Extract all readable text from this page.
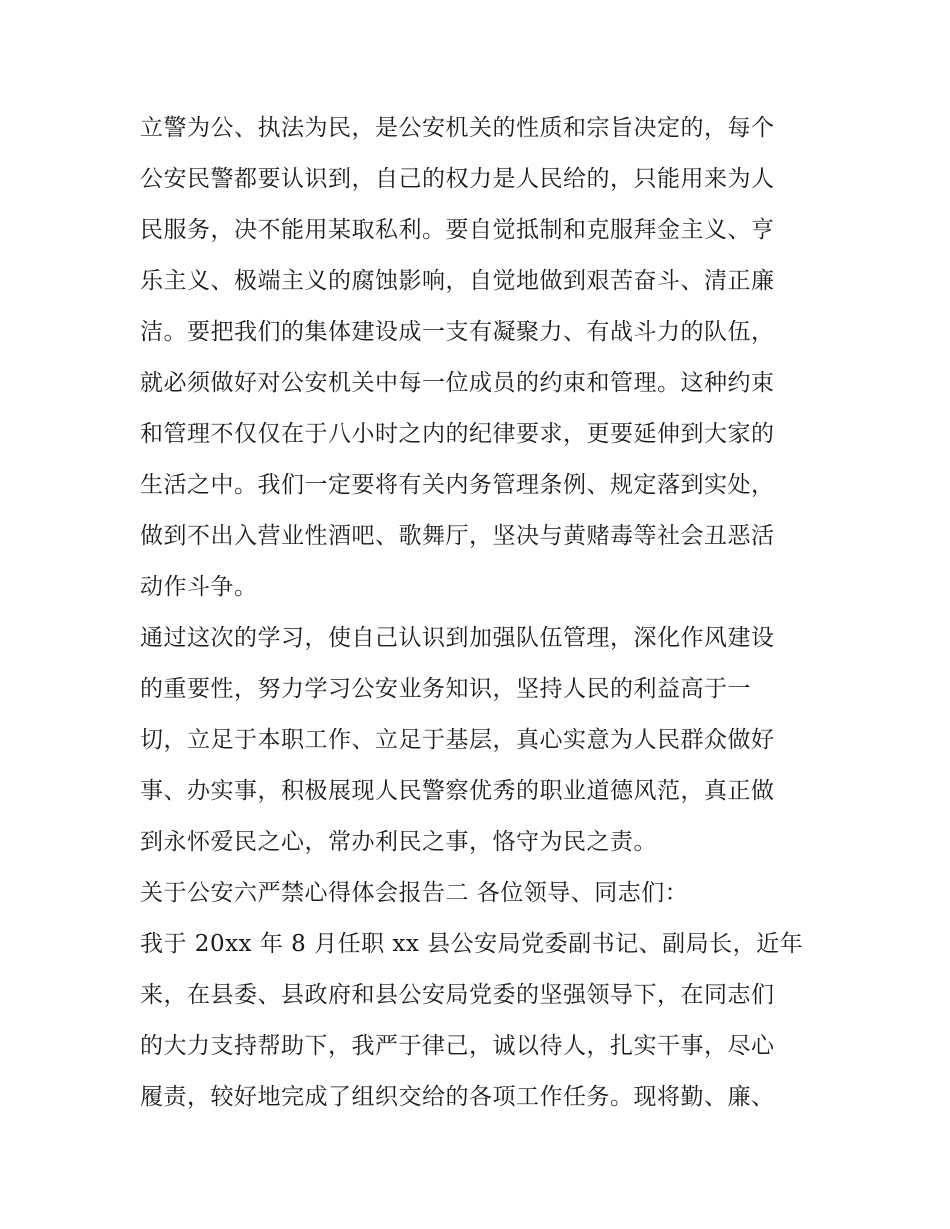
立警为公、执法为民，是公安机关的性质和宗旨决定的，每个
公安民警都要认识到，自己的权力是人民给的，只能用来为人
民服务，决不能用某取私利。要自觉抵制和克服拜金主义、亨
乐主义、极端主义的腐蚀影响，自觉地做到艰苦奋斗、清正廉
洁。要把我们的集体建设成一支有凝聚力、有战斗力的队伍，
就必须做好对公安机关中每一位成员的约束和管理。这种约束
和管理不仅仅在于八小时之内的纪律要求，更要延伸到大家的
生活之中。我们一定要将有关内务管理条例、规定落到实处，
做到不出入营业性酒吧、歌舞厅，坚决与黄赌毒等社会丑恶活
动作斗争。
通过这次的学习，使自己认识到加强队伍管理，深化作风建设
的重要性，努力学习公安业务知识，坚持人民的利益高于一
切，立足于本职工作、立足于基层，真心实意为人民群众做好
事、办实事，积极展现人民警察优秀的职业道德风范，真正做
到永怀爱民之心，常办利民之事，恪守为民之责。
关于公安六严禁心得体会报告二 各位领导、同志们：
我于 20xx 年 8 月任职 xx 县公安局党委副书记、副局长，近年
来，在县委、县政府和县公安局党委的坚强领导下，在同志们
的大力支持帮助下，我严于律己，诚以待人，扎实干事，尽心
履责，较好地完成了组织交给的各项工作任务。现将勤、廉、
